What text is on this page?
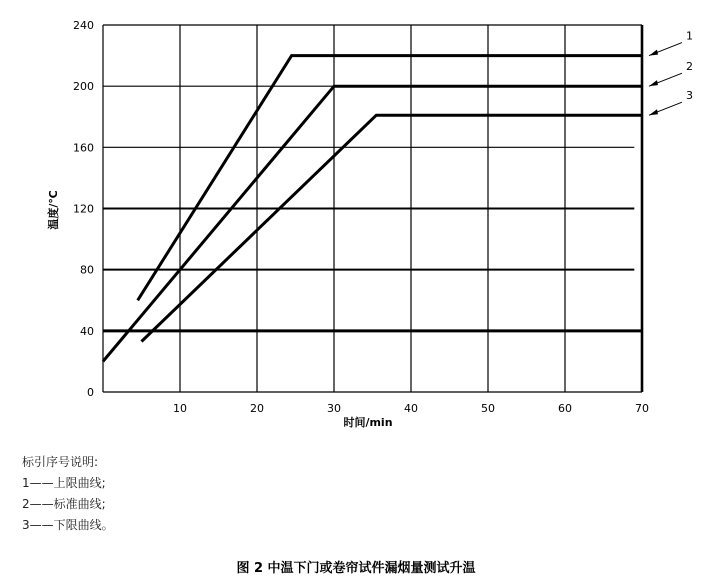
10	20	30	40	50	60	70
0
40
80
120
160
200
240
1
2
3
时间/min
温度/℃
标引序号说明:
1——上限曲线;
2——标准曲线;
3——下限曲线。
图 2 中温下门或卷帘试件漏烟量测试升温
